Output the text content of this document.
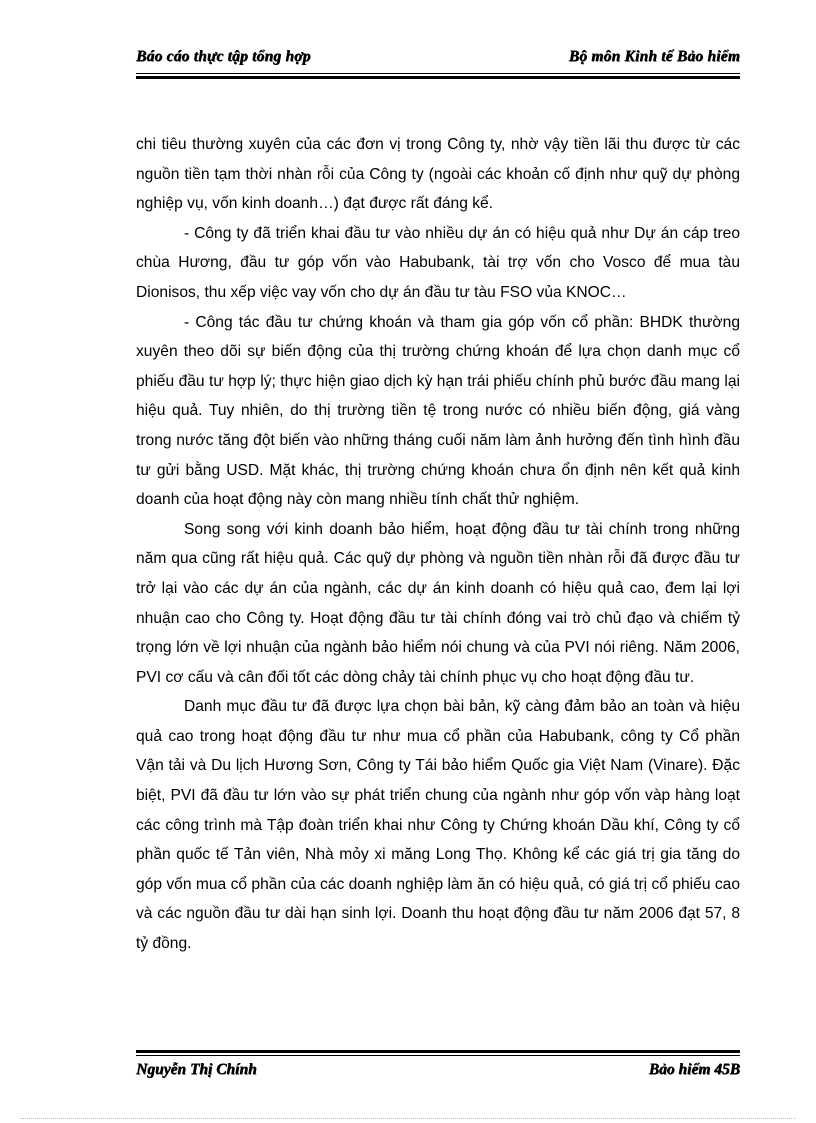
Báo cáo thực tập tổng hợp	Bộ môn Kinh tế Bảo hiểm

chi tiêu thường xuyên của các đơn vị trong Công ty, nhờ vậy tiền lãi thu được từ các nguồn tiền tạm thời nhàn rỗi của Công ty (ngoài các khoản cố định như quỹ dự phòng nghiệp vụ, vốn kinh doanh…) đạt được rất đáng kể.

- Công ty đã triển khai đầu tư vào nhiều dự án có hiệu quả như Dự án cáp treo chùa Hương, đầu tư góp vốn vào Habubank, tài trợ vốn cho Vosco để mua tàu Dionisos, thu xếp việc vay vốn cho dự án đầu tư tàu FSO vủa KNOC…

- Công tác đầu tư chứng khoán và tham gia góp vốn cổ phần: BHDK thường xuyên theo dõi sự biến động của thị trường chứng khoán để lựa chọn danh mục cổ phiếu đầu tư hợp lý; thực hiện giao dịch kỳ hạn trái phiếu chính phủ bước đầu mang lại hiệu quả. Tuy nhiên, do thị trường tiền tệ trong nước có nhiều biến động, giá vàng trong nước tăng đột biến vào những tháng cuối năm làm ảnh hưởng đến tình hình đầu tư gửi bằng USD. Mặt khác, thị trường chứng khoán chưa ổn định nên kết quả kinh doanh của hoạt động này còn mang nhiều tính chất thử nghiệm.

Song song với kinh doanh bảo hiểm, hoạt động đầu tư tài chính trong những năm qua cũng rất hiệu quả. Các quỹ dự phòng và nguồn tiền nhàn rỗi đã được đầu tư trở lại vào các dự án của ngành, các dự án kinh doanh có hiệu quả cao, đem lại lợi nhuận cao cho Công ty. Hoạt động đầu tư tài chính đóng vai trò chủ đạo và chiếm tỷ trọng lớn về lợi nhuận của ngành bảo hiểm nói chung và của PVI nói riêng. Năm 2006, PVI cơ cấu và cân đối tốt các dòng chảy tài chính phục vụ cho hoạt động đầu tư.

Danh mục đầu tư đã được lựa chọn bài bản, kỹ càng đảm bảo an toàn và hiệu quả cao trong hoạt động đầu tư như mua cổ phần của Habubank, công ty Cổ phần Vận tải và Du lịch Hương Sơn, Công ty Tái bảo hiểm Quốc gia Việt Nam (Vinare). Đặc biệt, PVI đã đầu tư lớn vào sự phát triển chung của ngành như góp vốn vàp hàng loạt các công trình mà Tập đoàn triển khai như Công ty Chứng khoán Dầu khí, Công ty cổ phần quốc tế Tản viên, Nhà mỏy xi măng Long Thọ. Không kể các giá trị gia tăng do góp vốn mua cổ phần của các doanh nghiệp làm ăn có hiệu quả, có giá trị cổ phiếu cao và các nguồn đầu tư dài hạn sinh lợi. Doanh thu hoạt động đầu tư năm 2006 đạt 57, 8 tỷ đồng.

Nguyễn Thị Chính	Bảo hiểm 45B
